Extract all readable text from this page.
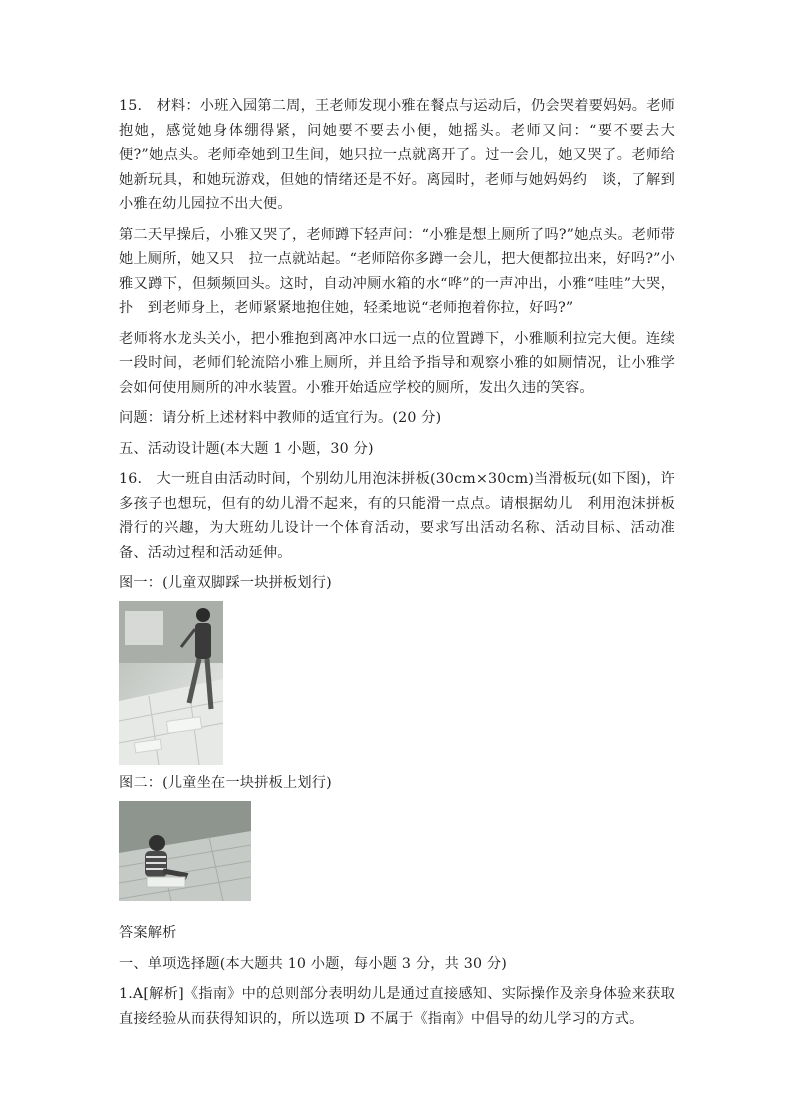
15.　材料：小班入园第二周，王老师发现小雅在餐点与运动后，仍会哭着要妈妈。老师抱她，感觉她身体绷得紧，问她要不要去小便，她摇头。老师又问：“要不要去大　便?”她点头。老师牵她到卫生间，她只拉一点就离开了。过一会儿，她又哭了。老师给她新玩具，和她玩游戏，但她的情绪还是不好。离园时，老师与她妈妈约　谈，了解到小雅在幼儿园拉不出大便。

第二天早操后，小雅又哭了，老师蹲下轻声问：“小雅是想上厕所了吗?”她点头。老师带她上厕所，她又只　拉一点就站起。“老师陪你多蹲一会儿，把大便都拉出来，好吗?”小雅又蹲下，但频频回头。这时，自动冲厕水箱的水“哗”的一声冲出，小雅“哇哇”大哭，扑　到老师身上，老师紧紧地抱住她，轻柔地说“老师抱着你拉，好吗?”

老师将水龙头关小，把小雅抱到离冲水口远一点的位置蹲下，小雅顺利拉完大便。连续一段时间，老师们轮流陪小雅上厕所，并且给予指导和观察小雅的如厕情况，让小雅学会如何使用厕所的冲水装置。小雅开始适应学校的厕所，发出久违的笑容。

问题：请分析上述材料中教师的适宜行为。(20 分)

五、活动设计题(本大题 1 小题，30 分)

16.　大一班自由活动时间，个别幼儿用泡沫拼板(30cm×30cm)当滑板玩(如下图)，许多孩子也想玩，但有的幼儿滑不起来，有的只能滑一点点。请根据幼儿　利用泡沫拼板滑行的兴趣，为大班幼儿设计一个体育活动，要求写出活动名称、活动目标、活动准备、活动过程和活动延伸。

图一：(儿童双脚踩一块拼板划行)

图二：(儿童坐在一块拼板上划行)

答案解析

一、单项选择题(本大题共 10 小题，每小题 3 分，共 30 分)

1.A[解析]《指南》中的总则部分表明幼儿是通过直接感知、实际操作及亲身体验来获取直接经验从而获得知识的，所以选项 D 不属于《指南》中倡导的幼儿学习的方式。
